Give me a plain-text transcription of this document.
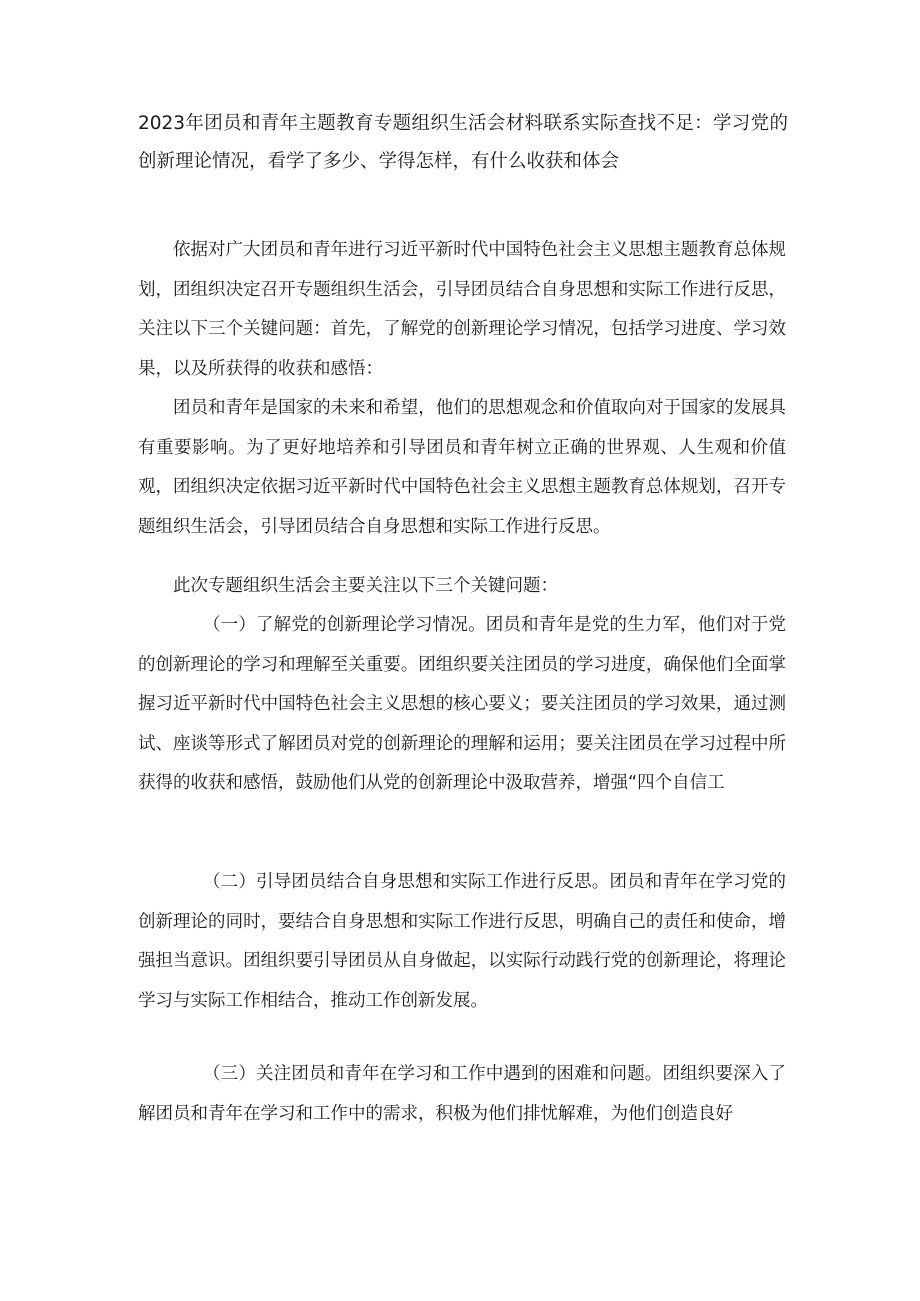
2023年团员和青年主题教育专题组织生活会材料联系实际查找不足：学习党的创新理论情况，看学了多少、学得怎样，有什么收获和体会

依据对广大团员和青年进行习近平新时代中国特色社会主义思想主题教育总体规划，团组织决定召开专题组织生活会，引导团员结合自身思想和实际工作进行反思，关注以下三个关键问题：首先，了解党的创新理论学习情况，包括学习进度、学习效果，以及所获得的收获和感悟：

团员和青年是国家的未来和希望，他们的思想观念和价值取向对于国家的发展具有重要影响。为了更好地培养和引导团员和青年树立正确的世界观、人生观和价值观，团组织决定依据习近平新时代中国特色社会主义思想主题教育总体规划，召开专题组织生活会，引导团员结合自身思想和实际工作进行反思。

此次专题组织生活会主要关注以下三个关键问题：

（一）了解党的创新理论学习情况。团员和青年是党的生力军，他们对于党的创新理论的学习和理解至关重要。团组织要关注团员的学习进度，确保他们全面掌握习近平新时代中国特色社会主义思想的核心要义；要关注团员的学习效果，通过测试、座谈等形式了解团员对党的创新理论的理解和运用；要关注团员在学习过程中所获得的收获和感悟，鼓励他们从党的创新理论中汲取营养，增强“四个自信工

（二）引导团员结合自身思想和实际工作进行反思。团员和青年在学习党的创新理论的同时，要结合自身思想和实际工作进行反思，明确自己的责任和使命，增强担当意识。团组织要引导团员从自身做起，以实际行动践行党的创新理论，将理论学习与实际工作相结合，推动工作创新发展。

（三）关注团员和青年在学习和工作中遇到的困难和问题。团组织要深入了解团员和青年在学习和工作中的需求，积极为他们排忧解难，为他们创造良好
